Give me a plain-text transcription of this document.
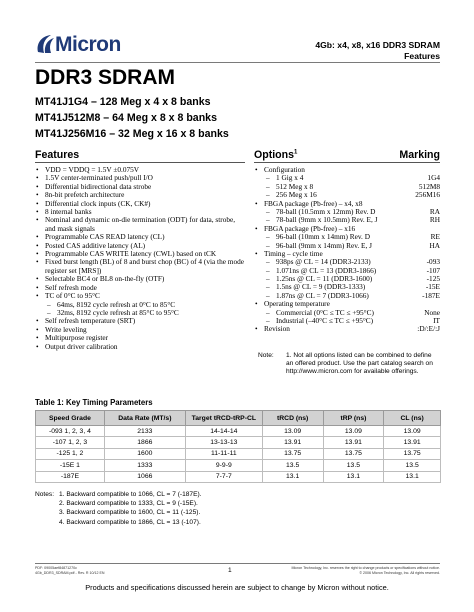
Micron	4Gb: x4, x8, x16 DDR3 SDRAM
Features
DDR3 SDRAM
MT41J1G4 – 128 Meg x 4 x 8 banks
MT41J512M8 – 64 Meg x 8 x 8 banks
MT41J256M16 – 32 Meg x 16 x 8 banks
Features
• VDD = VDDQ = 1.5V ±0.075V
• 1.5V center-terminated push/pull I/O
• Differential bidirectional data strobe
• 8n-bit prefetch architecture
• Differential clock inputs (CK, CK#)
• 8 internal banks
• Nominal and dynamic on-die termination (ODT) for data, strobe, and mask signals
• Programmable CAS READ latency (CL)
• Posted CAS additive latency (AL)
• Programmable CAS WRITE latency (CWL) based on tCK
• Fixed burst length (BL) of 8 and burst chop (BC) of 4 (via the mode register set [MRS])
• Selectable BC4 or BL8 on-the-fly (OTF)
• Self refresh mode
• TC of 0°C to 95°C
– 64ms, 8192 cycle refresh at 0°C to 85°C
– 32ms, 8192 cycle refresh at 85°C to 95°C
• Self refresh temperature (SRT)
• Write leveling
• Multipurpose register
• Output driver calibration
Options$^1$	Marking
• Configuration
– 1 Gig x 4	1G4
– 512 Meg x 8	512M8
– 256 Meg x 16	256M16
• FBGA package (Pb-free) – x4, x8
– 78-ball (10.5mm x 12mm) Rev. D	RA
– 78-ball (9mm x 10.5mm) Rev. E, J	RH
• FBGA package (Pb-free) – x16
– 96-ball (10mm x 14mm) Rev. D	RE
– 96-ball (9mm x 14mm) Rev. E, J	HA
• Timing – cycle time
– 938ps @ CL = 14 (DDR3-2133)	-093
– 1.071ns @ CL = 13 (DDR3-1866)	-107
– 1.25ns @ CL = 11 (DDR3-1600)	-125
– 1.5ns @ CL = 9 (DDR3-1333)	-15E
– 1.87ns @ CL = 7 (DDR3-1066)	-187E
• Operating temperature
– Commercial (0°C ≤ TC ≤ +95°C)	None
– Industrial (–40°C ≤ TC ≤ +95°C)	IT
• Revision	:D/:E/:J
Note: 1. Not all options listed can be combined to define an offered product. Use the part catalog search on http://www.micron.com for available offerings.
Table 1: Key Timing Parameters
Speed Grade	Data Rate (MT/s)	Target tRCD-tRP-CL	tRCD (ns)	tRP (ns)	CL (ns)
-093 1, 2, 3, 4	2133	14-14-14	13.09	13.09	13.09
-107 1, 2, 3	1866	13-13-13	13.91	13.91	13.91
-125 1, 2	1600	11-11-11	13.75	13.75	13.75
-15E 1	1333	9-9-9	13.5	13.5	13.5
-187E	1066	7-7-7	13.1	13.1	13.1
Notes: 1. Backward compatible to 1066, CL = 7 (-187E).
2. Backward compatible to 1333, CL = 9 (-15E).
3. Backward compatible to 1600, CL = 11 (-125).
4. Backward compatible to 1866, CL = 13 (-107).
PDF: 09005aef84871270c
4Gb_DDR3_SDRAM.pdf - Rev. R 10/12 EN	1	Micron Technology, Inc. reserves the right to change products or specifications without notice.
© 2006 Micron Technology, Inc. All rights reserved.
Products and specifications discussed herein are subject to change by Micron without notice.
